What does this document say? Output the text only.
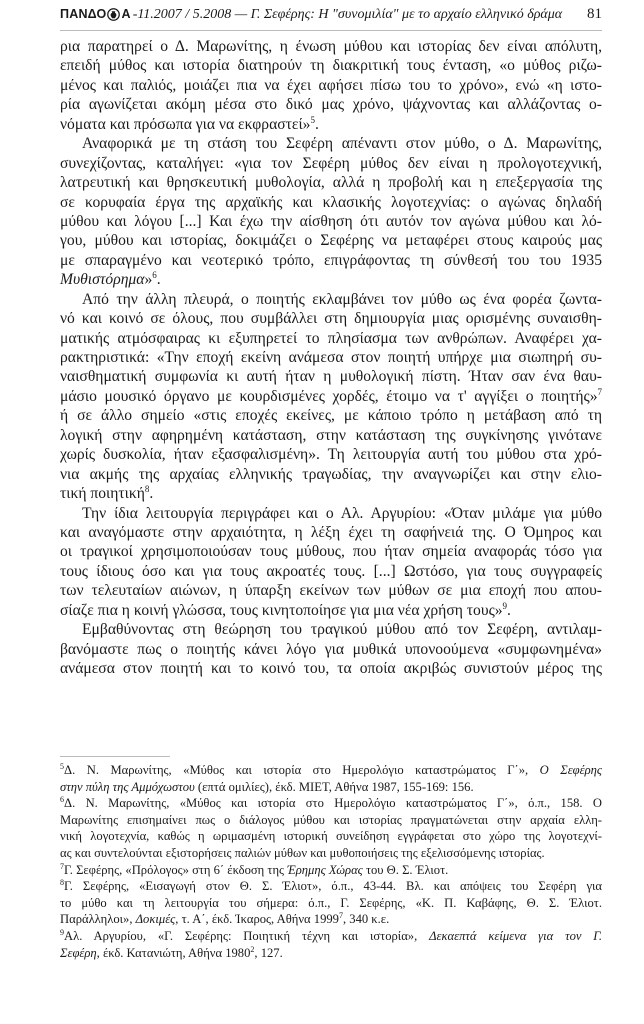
ΠΑΝΔΟ Α -11.2007 / 5.2008 — Γ. Σεφέρης: Η "συνομιλία" με το αρχαίο ελληνικό δράμα 81
ρια παρατηρεί ο Δ. Μαρωνίτης, η ένωση μύθου και ιστορίας δεν είναι απόλυτη,
επειδή μύθος και ιστορία διατηρούν τη διακριτική τους ένταση, «ο μύθος ριζω-
μένος και παλιός, μοιάζει πια να έχει αφήσει πίσω του το χρόνο», ενώ «η ιστο-
ρία αγωνίζεται ακόμη μέσα στο δικό μας χρόνο, ψάχνοντας και αλλάζοντας ο-
νόματα και πρόσωπα για να εκφραστεί»$^5$.
Αναφορικά με τη στάση του Σεφέρη απέναντι στον μύθο, ο Δ. Μαρωνίτης,
συνεχίζοντας, καταλήγει: «για τον Σεφέρη μύθος δεν είναι η προλογοτεχνική,
λατρευτική και θρησκευτική μυθολογία, αλλά η προβολή και η επεξεργασία της
σε κορυφαία έργα της αρχαϊκής και κλασικής λογοτεχνίας: ο αγώνας δηλαδή
μύθου και λόγου [...] Και έχω την αίσθηση ότι αυτόν τον αγώνα μύθου και λό-
γου, μύθου και ιστορίας, δοκιμάζει ο Σεφέρης να μεταφέρει στους καιρούς μας
με σπαραγμένο και νεοτερικό τρόπο, επιγράφοντας τη σύνθεσή του του 1935
Μυθιστόρημα»$^6$.
Από την άλλη πλευρά, ο ποιητής εκλαμβάνει τον μύθο ως ένα φορέα ζωντα-
νό και κοινό σε όλους, που συμβάλλει στη δημιουργία μιας ορισμένης συναισθη-
ματικής ατμόσφαιρας κι εξυπηρετεί το πλησίασμα των ανθρώπων. Αναφέρει χα-
ρακτηριστικά: «Την εποχή εκείνη ανάμεσα στον ποιητή υπήρχε μια σιωπηρή συ-
ναισθηματική συμφωνία κι αυτή ήταν η μυθολογική πίστη. Ήταν σαν ένα θαυ-
μάσιο μουσικό όργανο με κουρδισμένες χορδές, έτοιμο να τ' αγγίξει ο ποιητής»$^7$
ή σε άλλο σημείο «στις εποχές εκείνες, με κάποιο τρόπο η μετάβαση από τη
λογική στην αφηρημένη κατάσταση, στην κατάσταση της συγκίνησης γινότανε
χωρίς δυσκολία, ήταν εξασφαλισμένη». Τη λειτουργία αυτή του μύθου στα χρό-
νια ακμής της αρχαίας ελληνικής τραγωδίας, την αναγνωρίζει και στην ελιο-
τική ποιητική$^8$.
Την ίδια λειτουργία περιγράφει και ο Αλ. Αργυρίου: «Όταν μιλάμε για μύθο
και αναγόμαστε στην αρχαιότητα, η λέξη έχει τη σαφήνειά της. Ο Όμηρος και
οι τραγικοί χρησιμοποιούσαν τους μύθους, που ήταν σημεία αναφοράς τόσο για
τους ίδιους όσο και για τους ακροατές τους. [...] Ωστόσο, για τους συγγραφείς
των τελευταίων αιώνων, η ύπαρξη εκείνων των μύθων σε μια εποχή που απου-
σίαζε πια η κοινή γλώσσα, τους κινητοποίησε για μια νέα χρήση τους»$^9$.
Εμβαθύνοντας στη θεώρηση του τραγικού μύθου από τον Σεφέρη, αντιλαμ-
βανόμαστε πως ο ποιητής κάνει λόγο για μυθικά υπονοούμενα «συμφωνημένα»
ανάμεσα στον ποιητή και το κοινό του, τα οποία ακριβώς συνιστούν μέρος της
$^5$Δ. Ν. Μαρωνίτης, «Μύθος και ιστορία στο Ημερολόγιο καταστρώματος Γ΄», Ο Σεφέρης
στην πύλη της Αμμόχωστου (επτά ομιλίες), έκδ. ΜΙΕΤ, Αθήνα 1987, 155-169: 156.
$^6$Δ. Ν. Μαρωνίτης, «Μύθος και ιστορία στο Ημερολόγιο καταστρώματος Γ΄», ό.π., 158. Ο
Μαρωνίτης επισημαίνει πως ο διάλογος μύθου και ιστορίας πραγματώνεται στην αρχαία ελλη-
νική λογοτεχνία, καθώς η ωριμασμένη ιστορική συνείδηση εγγράφεται στο χώρο της λογοτεχνί-
ας και συντελούνται εξιστορήσεις παλιών μύθων και μυθοποιήσεις της εξελισσόμενης ιστορίας.
$^7$Γ. Σεφέρης, «Πρόλογος» στη 6΄ έκδοση της Έρημης Χώρας του Θ. Σ. Έλιοτ.
$^8$Γ. Σεφέρης, «Εισαγωγή στον Θ. Σ. Έλιοτ», ό.π., 43-44. Βλ. και απόψεις του Σεφέρη για
το μύθο και τη λειτουργία του σήμερα: ό.π., Γ. Σεφέρης, «Κ. Π. Καβάφης, Θ. Σ. Έλιοτ.
Παράλληλοι», Δοκιμές, τ. Α΄, έκδ. Ίκαρος, Αθήνα 1999$^7$, 340 κ.ε.
$^9$Αλ. Αργυρίου, «Γ. Σεφέρης: Ποιητική τέχνη και ιστορία», Δεκαεπτά κείμενα για τον Γ.
Σεφέρη, έκδ. Κατανιώτη, Αθήνα 1980$^2$, 127.
